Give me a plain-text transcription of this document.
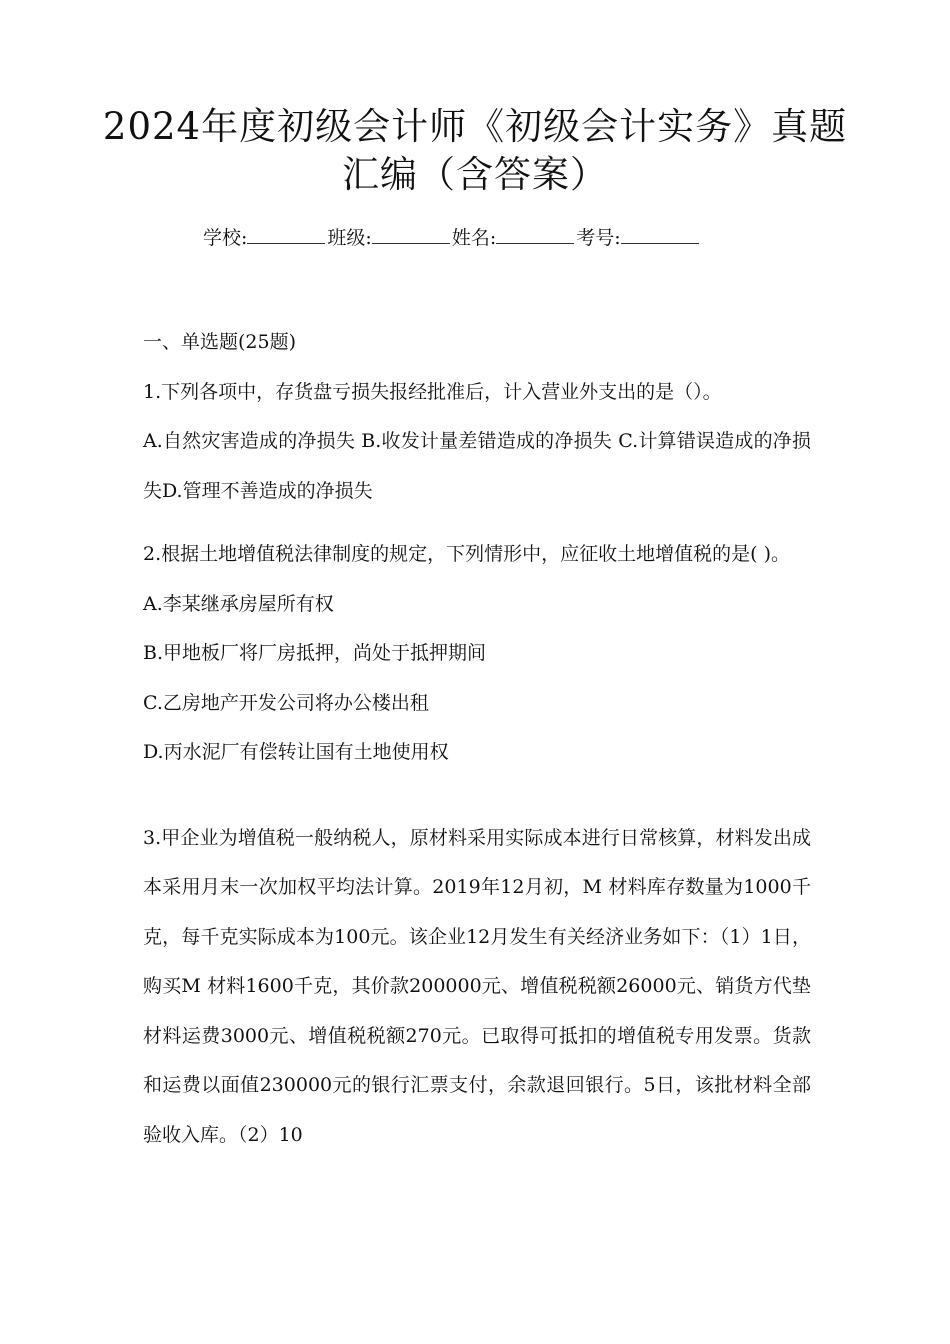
2024年度初级会计师《初级会计实务》真题
汇编（含答案）
学校:	班级:	姓名:	考号:

一、单选题(25题)

1.下列各项中，存货盘亏损失报经批准后，计入营业外支出的是（）。

A.自然灾害造成的净损失 B.收发计量差错造成的净损失 C.计算错误造成的净损失D.管理不善造成的净损失

2.根据土地增值税法律制度的规定，下列情形中，应征收土地增值税的是( )。

A.李某继承房屋所有权

B.甲地板厂将厂房抵押，尚处于抵押期间

C.乙房地产开发公司将办公楼出租

D.丙水泥厂有偿转让国有土地使用权

3.甲企业为增值税一般纳税人，原材料采用实际成本进行日常核算，材料发出成本采用月末一次加权平均法计算。2019年12月初，M 材料库存数量为1000千克，每千克实际成本为100元。该企业12月发生有关经济业务如下：（1）1日，购买M 材料1600千克，其价款200000元、增值税税额26000元、销货方代垫材料运费3000元、增值税税额270元。已取得可抵扣的增值税专用发票。货款和运费以面值230000元的银行汇票支付，余款退回银行。5日，该批材料全部验收入库。（2）10
